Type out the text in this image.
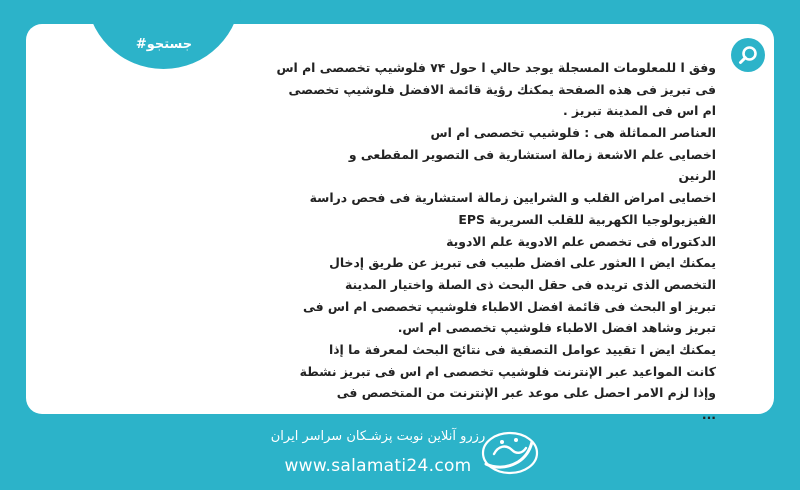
#جستجو
وفق ا للمعلومات المسجلة يوجد حالي ا حول ۷۴ فلوشيپ تخصصی ام اس
فی تبریز فی هذه الصفحة يمكنك رؤية قائمة الافضل فلوشيپ تخصصی
ام اس فی المدينة تبریز .
العناصر المماثلة هی : فلوشيپ تخصصی ام اس
اخصایی علم الاشعة زمالة استشارية فی التصوير المقطعی و
الرنين
اخصایی امراض القلب و الشرايين زمالة استشارية فی فحص دراسة
الفيزيولوجيا الكهربية للقلب السريرية EPS
الدكتوراه فی تخصص علم الادوية علم الادوية
يمكنك ايض ا العثور علی افضل طبيب فی تبریز عن طريق إدخال
التخصص الذی تريده فی حقل البحث ذی الصلة واختيار المدينة
تبریز او البحث فی قائمة افضل الاطباء فلوشيپ تخصصی ام اس فی
تبریز وشاهد افضل الاطباء فلوشيپ تخصصی ام اس.
يمكنك ايض ا تقييد عوامل التصفية فی نتائج البحث لمعرفة ما إذا
كانت المواعيد عبر الإنترنت فلوشيپ تخصصی ام اس فی تبریز نشطة
وإذا لزم الامر احصل علی موعد عبر الإنترنت من المتخصص فی
...
رزرو آنلاین نوبت پزشـکان سراسر ایران
www.salamati24.com
